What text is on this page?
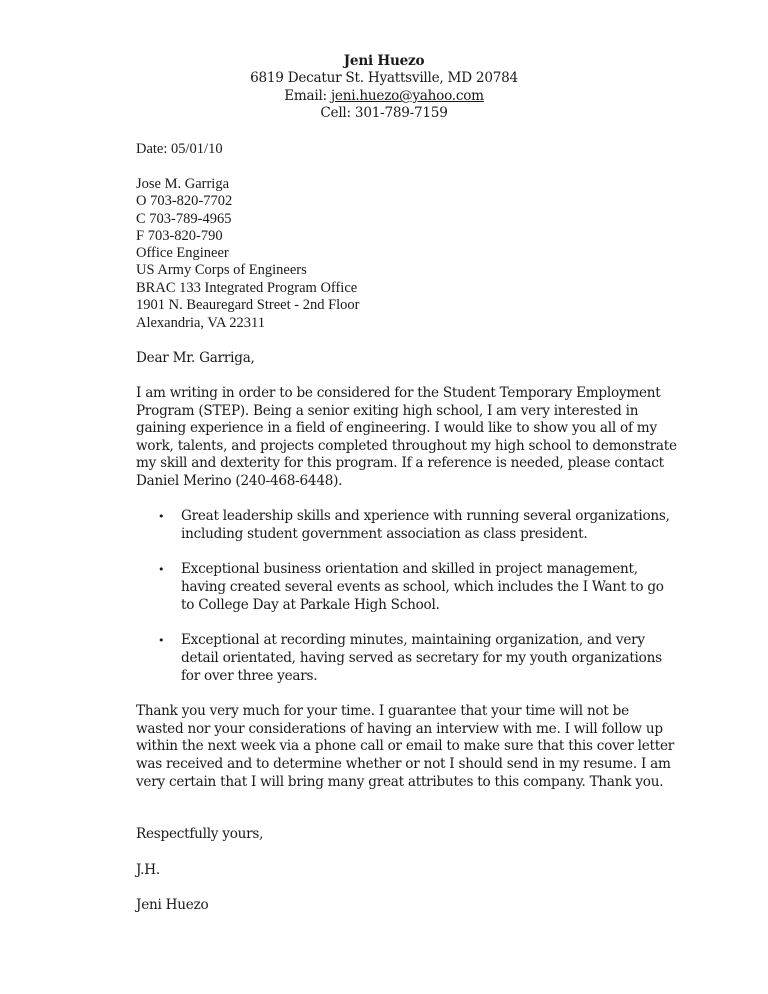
Jeni Huezo
6819 Decatur St. Hyattsville, MD 20784
Email: jeni.huezo@yahoo.com
Cell: 301-789-7159
Date: 05/01/10
Jose M. Garriga
O 703-820-7702
C 703-789-4965
F 703-820-790
Office Engineer
US Army Corps of Engineers
BRAC 133 Integrated Program Office
1901 N. Beauregard Street - 2nd Floor
Alexandria, VA 22311
Dear Mr. Garriga,
I am writing in order to be considered for the Student Temporary Employment
Program (STEP). Being a senior exiting high school, I am very interested in
gaining experience in a field of engineering. I would like to show you all of my
work, talents, and projects completed throughout my high school to demonstrate
my skill and dexterity for this program. If a reference is needed, please contact
Daniel Merino (240-468-6448).
• Great leadership skills and xperience with running several organizations,
including student government association as class president.
• Exceptional business orientation and skilled in project management,
having created several events as school, which includes the I Want to go
to College Day at Parkale High School.
• Exceptional at recording minutes, maintaining organization, and very
detail orientated, having served as secretary for my youth organizations
for over three years.
Thank you very much for your time. I guarantee that your time will not be
wasted nor your considerations of having an interview with me. I will follow up
within the next week via a phone call or email to make sure that this cover letter
was received and to determine whether or not I should send in my resume. I am
very certain that I will bring many great attributes to this company. Thank you.
Respectfully yours,
J.H.
Jeni Huezo
